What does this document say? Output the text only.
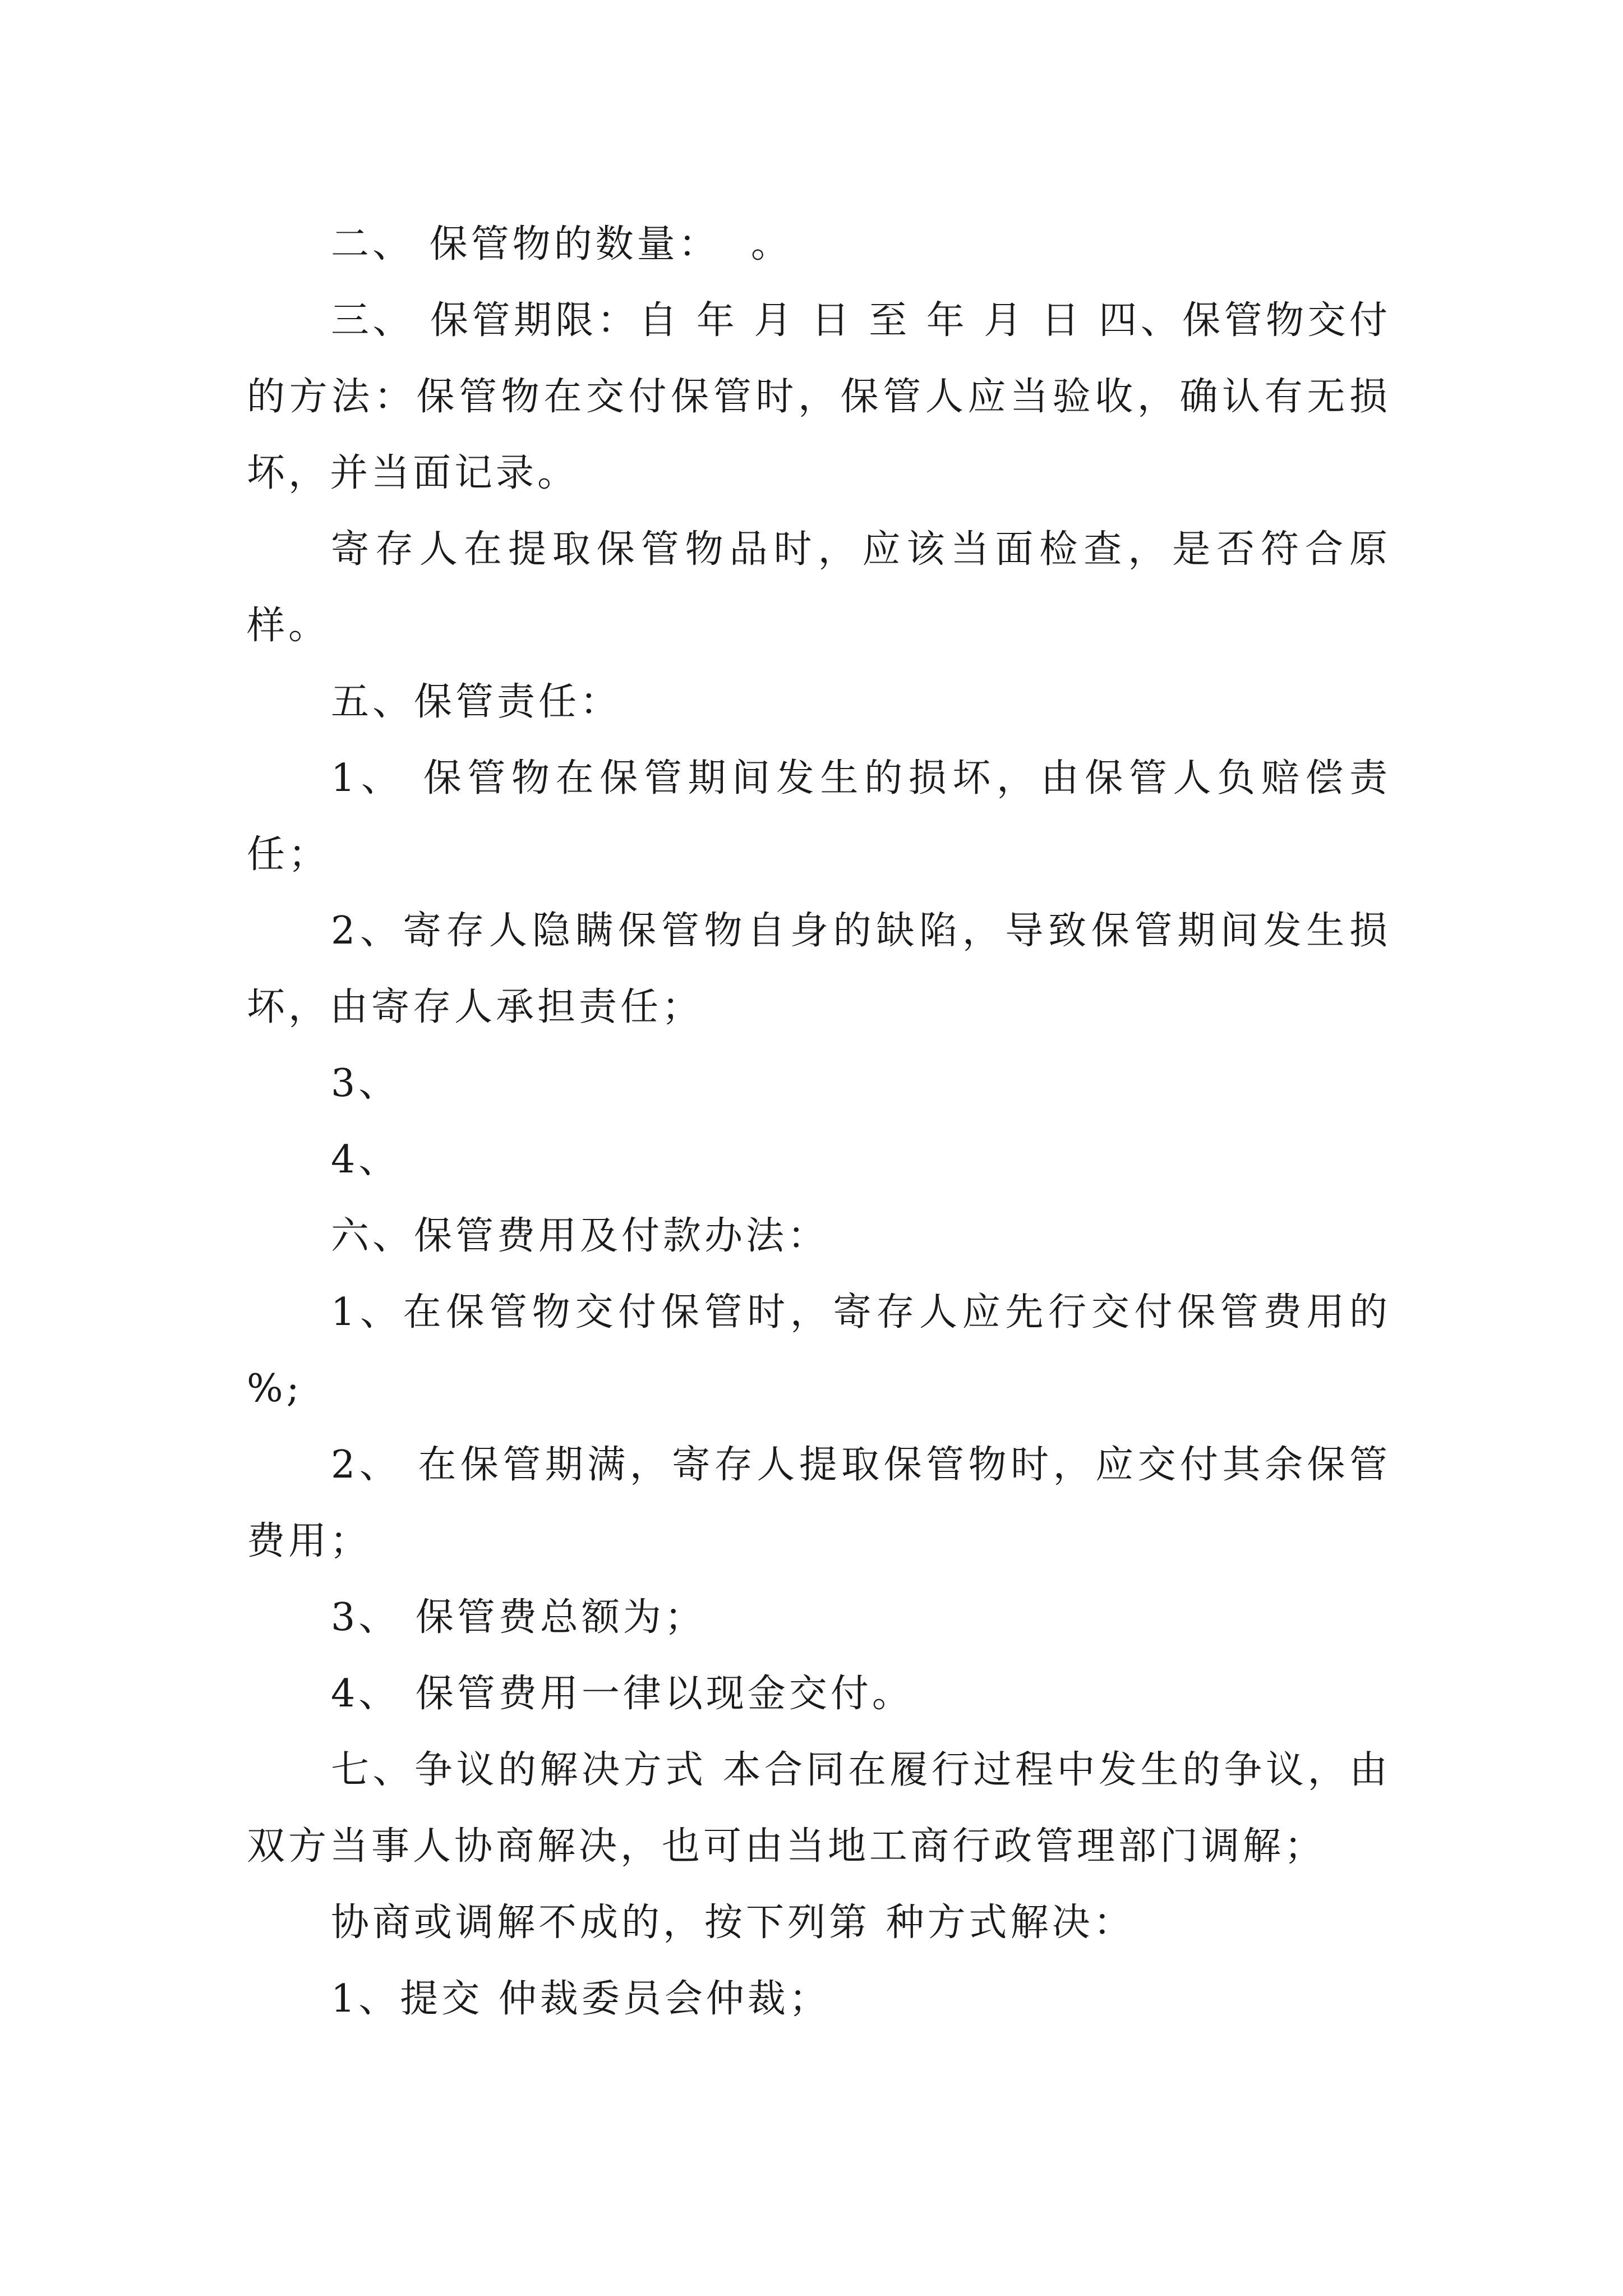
二、 保管物的数量：  。

三、 保管期限：自 年 月 日 至 年 月 日 四、保管物交付的方法：保管物在交付保管时，保管人应当验收，确认有无损坏，并当面记录。

寄存人在提取保管物品时，应该当面检查，是否符合原样。

五、保管责任：

1、 保管物在保管期间发生的损坏，由保管人负赔偿责任；

2、寄存人隐瞒保管物自身的缺陷，导致保管期间发生损坏，由寄存人承担责任；

3、

4、

六、保管费用及付款办法：

1、在保管物交付保管时，寄存人应先行交付保管费用的 %;

2、 在保管期满，寄存人提取保管物时，应交付其余保管费用；

3、 保管费总额为；

4、 保管费用一律以现金交付。

七、争议的解决方式 本合同在履行过程中发生的争议，由双方当事人协商解决，也可由当地工商行政管理部门调解；

协商或调解不成的，按下列第 种方式解决：

1、提交 仲裁委员会仲裁；
